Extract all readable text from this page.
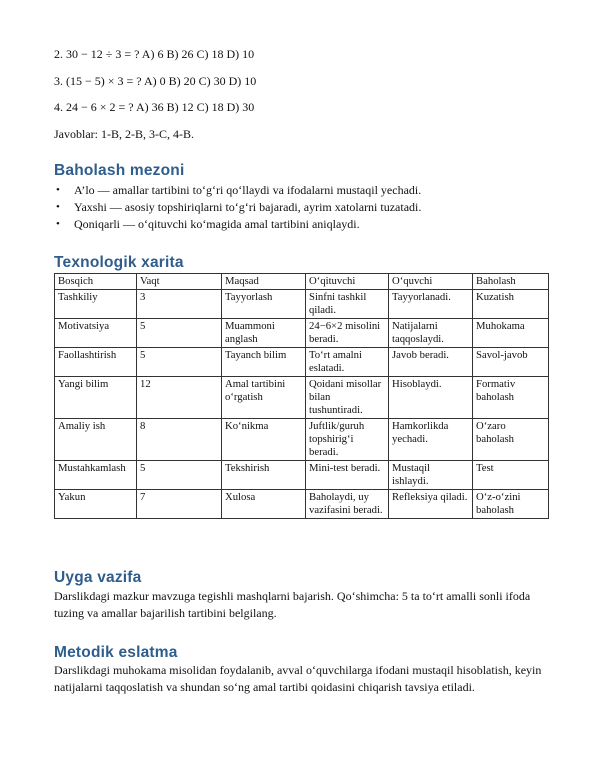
2. 30 − 12 ÷ 3 = ? A) 6 B) 26 C) 18 D) 10
3. (15 − 5) × 3 = ? A) 0 B) 20 C) 30 D) 10
4. 24 − 6 × 2 = ? A) 36 B) 12 C) 18 D) 30
Javoblar: 1-B, 2-B, 3-C, 4-B.
Baholash mezoni
• A’lo — amallar tartibini to‘g‘ri qo‘llaydi va ifodalarni mustaqil yechadi.
• Yaxshi — asosiy topshiriqlarni to‘g‘ri bajaradi, ayrim xatolarni tuzatadi.
• Qoniqarli — o‘qituvchi ko‘magida amal tartibini aniqlaydi.
Texnologik xarita
Bosqich	Vaqt	Maqsad	O‘qituvchi	O‘quvchi	Baholash
Tashkiliy	3	Tayyorlash	Sinfni tashkil qiladi.	Tayyorlanadi.	Kuzatish
Motivatsiya	5	Muammoni anglash	24−6×2 misolini beradi.	Natijalarni taqqoslaydi.	Muhokama
Faollashtirish	5	Tayanch bilim	To‘rt amalni eslatadi.	Javob beradi.	Savol-javob
Yangi bilim	12	Amal tartibini o‘rgatish	Qoidani misollar bilan tushuntiradi.	Hisoblaydi.	Formativ baholash
Amaliy ish	8	Ko‘nikma	Juftlik/guruh topshirig‘i beradi.	Hamkorlikda yechadi.	O‘zaro baholash
Mustahkamlash	5	Tekshirish	Mini-test beradi.	Mustaqil ishlaydi.	Test
Yakun	7	Xulosa	Baholaydi, uy vazifasini beradi.	Refleksiya qiladi.	O‘z-o‘zini baholash
Uyga vazifa
Darslikdagi mazkur mavzuga tegishli mashqlarni bajarish. Qo‘shimcha: 5 ta to‘rt amalli sonli ifoda tuzing va amallar bajarilish tartibini belgilang.
Metodik eslatma
Darslikdagi muhokama misolidan foydalanib, avval o‘quvchilarga ifodani mustaqil hisoblatish, keyin natijalarni taqqoslatish va shundan so‘ng amal tartibi qoidasini chiqarish tavsiya etiladi.
